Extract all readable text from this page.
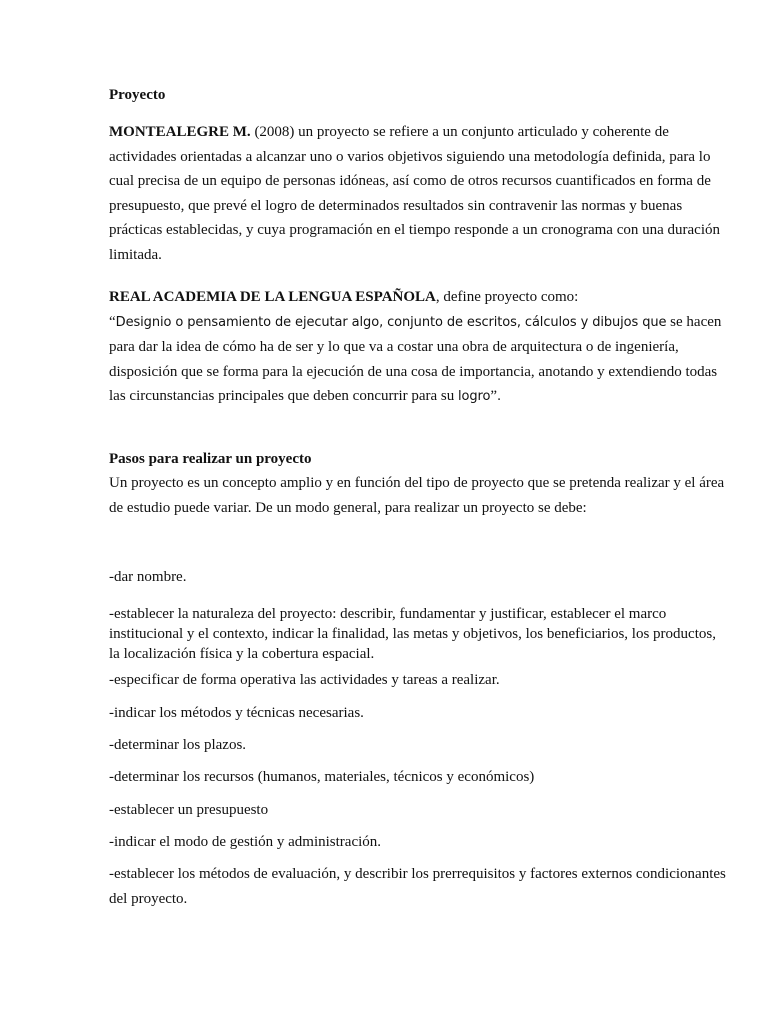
Proyecto

MONTEALEGRE M. (2008) un proyecto se refiere a un conjunto articulado y coherente de actividades orientadas a alcanzar uno o varios objetivos siguiendo una metodología definida, para lo cual precisa de un equipo de personas idóneas, así como de otros recursos cuantificados en forma de presupuesto, que prevé el logro de determinados resultados sin contravenir las normas y buenas prácticas establecidas, y cuya programación en el tiempo responde a un cronograma con una duración limitada.

REAL ACADEMIA DE LA LENGUA ESPAÑOLA, define proyecto como:
“Designio o pensamiento de ejecutar algo, conjunto de escritos, cálculos y dibujos que se hacen para dar la idea de cómo ha de ser y lo que va a costar una obra de arquitectura o de ingeniería, disposición que se forma para la ejecución de una cosa de importancia, anotando y extendiendo todas las circunstancias principales que deben concurrir para su logro”.

Pasos para realizar un proyecto

Un proyecto es un concepto amplio y en función del tipo de proyecto que se pretenda realizar y el área de estudio puede variar. De un modo general, para realizar un proyecto se debe:

-dar nombre.

-establecer la naturaleza del proyecto: describir, fundamentar y justificar, establecer el marco institucional y el contexto, indicar la finalidad, las metas y objetivos, los beneficiarios, los productos, la localización física y la cobertura espacial.

-especificar de forma operativa las actividades y tareas a realizar.

-indicar los métodos y técnicas necesarias.

-determinar los plazos.

-determinar los recursos (humanos, materiales, técnicos y económicos)

-establecer un presupuesto

-indicar el modo de gestión y administración.

-establecer los métodos de evaluación, y describir los prerrequisitos y factores externos condicionantes del proyecto.
